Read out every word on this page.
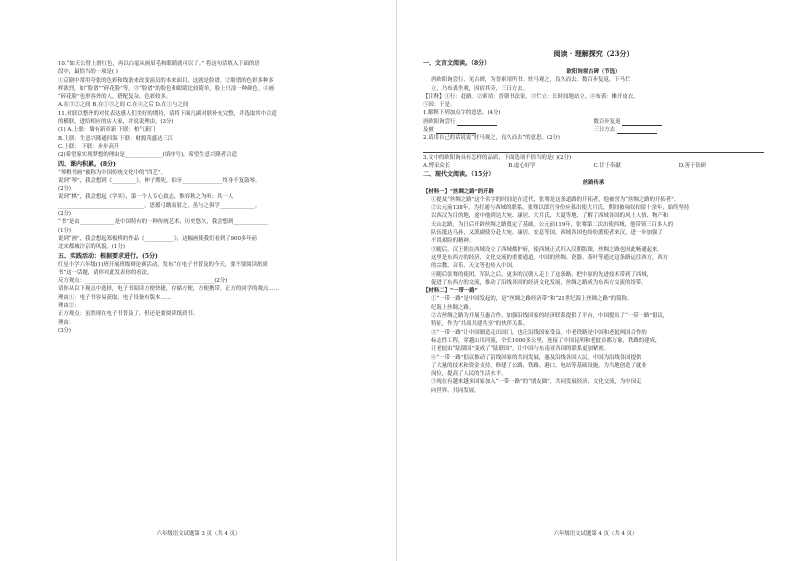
10.“如天公替上滑红色，再以白毫从画眉毛和眼睛就可以了。” 将这句话填入下面的语

段中，最恰当的一项是( )

①京剧中常用夸张的色彩和线条来改变演员的本来面目，这就是脸谱。②脸谱的色彩多种多

样浓烈，如“脸谱”“碎花脸”等。③“脸谱”的脸色和眼睛比较简单，脸上只涂一种颜色。④画

“碎花脸”也形容外的人，搭配复杂，色彩较多。

A.在③②之间 B.在①③之间 C.在④之后 D.在①与之间

11.对联以整齐的对仗表达感人们美好的期待，请将下面几副对联补充完整，并选取其中合适

的横联，进给相应的店人家，并说说理由。(3分)

(1) A.上联：墙有新章新 下联：柏气新门

B.上联：生意兴隆通四海 下联：财源茂盛达三江

C.上联： 下联：步步高升

(2)希望家实现梦想的理由是______________(填序号)，希望生意兴隆者合适

四、课内积累。(8分)

“琴棋书画”被称为中国传统文化中的“四艺”。

说到“琴”，我会想到《_________》，伸子期死，伯牙_______________终身不复鼓琴。

(2分)

说到“棋”，我会想起《学弈》，第一个人专心致志，惟弈秋之为听；其一人

________________________________，思援弓缴而射之，虽与之俱学_____________。

(2分)

“书”是由_____________是中国特有的一种传统艺术，历史悠久，我会想到_____________

(1分)

说到“画”，我会想起郑板桥的作品《___________》，这幅画使我们看到了900多年前

北宋都城汴京的风貌。(1分)

五、实践活动：根据要求进行。(5分)

红星小学六年级(1)班开展班级辩论赛活动，发布“在电子书普及的今天，要不要阅读纸质

书”这一话题，请你对此发表你的看法。

反方观点：________________________________________________(2分)

请你从以下观点中选择，电子书阅读方便快捷，存储方便，方便携带。正方的同学的观点……

理由①：电子书容易获取，电子设备有版本……

理由②：

正方观点：虽然现在电子书普及了，但还是要阅读纸质书。

理由：

(3分)

六年级语文试题第 3 页（共 4 页）

阅读 · 理解探究（23分）

一、文言文阅读。（8分）

欧阳询观古碑（节选）

唐欧阳询尝行，见古碑，为晋索靖所书。驻马观之，良久而去。数百步复返，下马伫

立，乃布裘坐观，因宿其旁，三日方去。

【注释】①行：赶路。②索靖：晋朝书法家。③伫立：长时间地站立。④布裘：摊开皮衣。

⑤因：于是。

1.解释下列加点字的意思。(4分)

唐欧阳询尝行	数百步复返
及被	三日方去

2.请用自己的话说说“驻马观之，良久而去”的意思。(2分)

3.文中的欧阳询具有怎样的品质，下面选项不恰当的是( )(2分)

A.博采众长	B.虚心好学	C.甘于奉献	D.善于钻研

二、现代文阅读。（15分）

丝路传承

【材料一】“丝绸之路”的开辟

①提及“丝绸之路”这个名字的时间是在近代，张骞是这条道路的开拓者，他被誉为“丝绸之路的开拓者”。

②公元前138年，为打通与西域的联系，张骞以郎官身份应募出使大月氏，期间被匈奴扣留十余年，始终坚持

以西汉为目的地，途中他到达大宛、康居、大月氏、大夏等地，了解了西域各国的风土人情、物产和

天山北路，为日后开辟丝绸之路奠定了基础。公元前119年，张骞第二次出使西域，他带领三百多人的

队伍抵达乌孙，又派副使分赴大宛、康居、安息等国，西域各国也纷纷派使者来汉，进一步加强了

不畏艰险的精神。

③随后，汉王朝在西域设立了西域都护府，使西域正式归入汉朝版图，丝绸之路也因此畅通起来。

这里是东西方的经济、文化交流的重要通道。中国的丝绸、瓷器、茶叶等通过这条路运往西方，西方

的宗教、音乐、天文等也传入中国。

④随后张骞的使团，军队之后，更多的汉朝人走上了这条路，把中原的先进技术带到了西域，

促进了东西方的交流，推动了沿线各国的经济文化发展，丝绸之路成为东西方交流的纽带。

【材料二】“一带一路”

①“一带一路”是中国发起的，是“丝绸之路经济带”和“21世纪海上丝绸之路”的简称。

纪海上丝绸之路。

②古丝绸之路为开展互惠合作，加强沿线国家的经济联系提供了平台，中国提出了“一带一路”倡议，

特征，作为“共商共建共享”的伙伴关系。

③“一带一路”让中国制造走出国门，也让沿线国家受益。中老铁路是中国和老挝两国合作的

标志性工程，穿越山川河流，全长1000多公里，连接了中国昆明和老挝首都万象，铁路的建成，

让老挝由“陆锁国”变成了“陆联国”，让中国与东南亚各国的联系更加紧密。

④“一带一路”倡议推动了沿线国家的共同发展，惠及沿线各国人民。中国为沿线各国提供

了大量的技术和资金支持，修建了公路、铁路、港口、电站等基础设施，为当地创造了就业

岗位，提高了人民的生活水平。

⑤现在有越来越多国家加入“一带一路”的“朋友圈”，共同发展经济、文化交流，为中国走

向世界、共同发展。

六年级语文试题第 4 页（共 4 页）
